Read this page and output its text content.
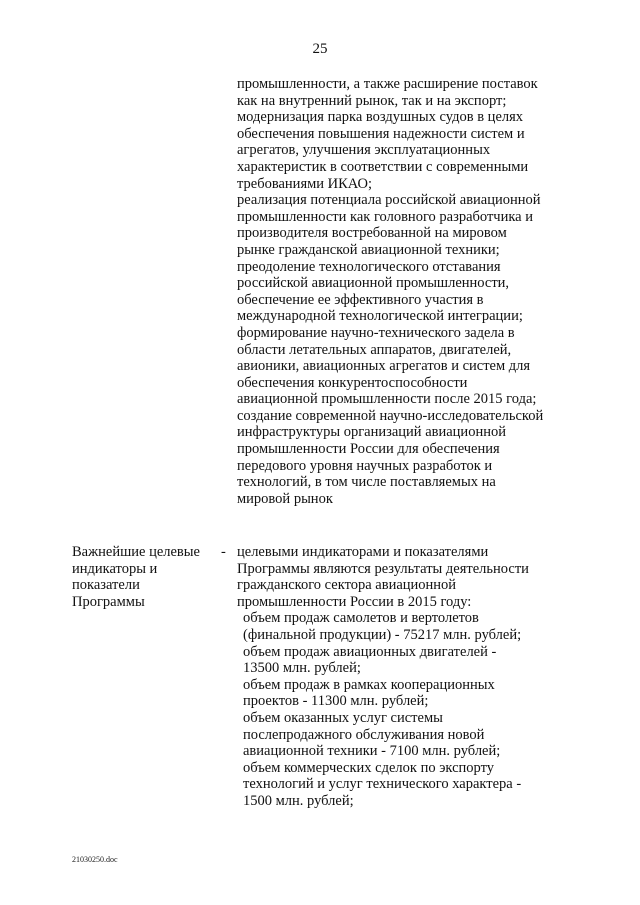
25
промышленности, а также расширение поставок
как на внутренний рынок, так и на экспорт;
модернизация парка воздушных судов в целях
обеспечения повышения надежности систем и
агрегатов, улучшения эксплуатационных
характеристик в соответствии с современными
требованиями ИКАО;
реализация потенциала российской авиационной
промышленности как головного разработчика и
производителя востребованной на мировом
рынке гражданской авиационной техники;
преодоление технологического отставания
российской авиационной промышленности,
обеспечение ее эффективного участия в
международной технологической интеграции;
формирование научно-технического задела в
области летательных аппаратов, двигателей,
авионики, авиационных агрегатов и систем для
обеспечения конкурентоспособности
авиационной промышленности после 2015 года;
создание современной научно-исследовательской
инфраструктуры организаций авиационной
промышленности России для обеспечения
передового уровня научных разработок и
технологий, в том числе поставляемых на
мировой рынок
Важнейшие целевые
индикаторы и
показатели
Программы
- целевыми индикаторами и показателями
Программы являются результаты деятельности
гражданского сектора авиационной
промышленности России в 2015 году:
объем продаж самолетов и вертолетов
(финальной продукции) - 75217 млн. рублей;
объем продаж авиационных двигателей -
13500 млн. рублей;
объем продаж в рамках кооперационных
проектов - 11300 млн. рублей;
объем оказанных услуг системы
послепродажного обслуживания новой
авиационной техники - 7100 млн. рублей;
объем коммерческих сделок по экспорту
технологий и услуг технического характера -
1500 млн. рублей;
21030250.doc
